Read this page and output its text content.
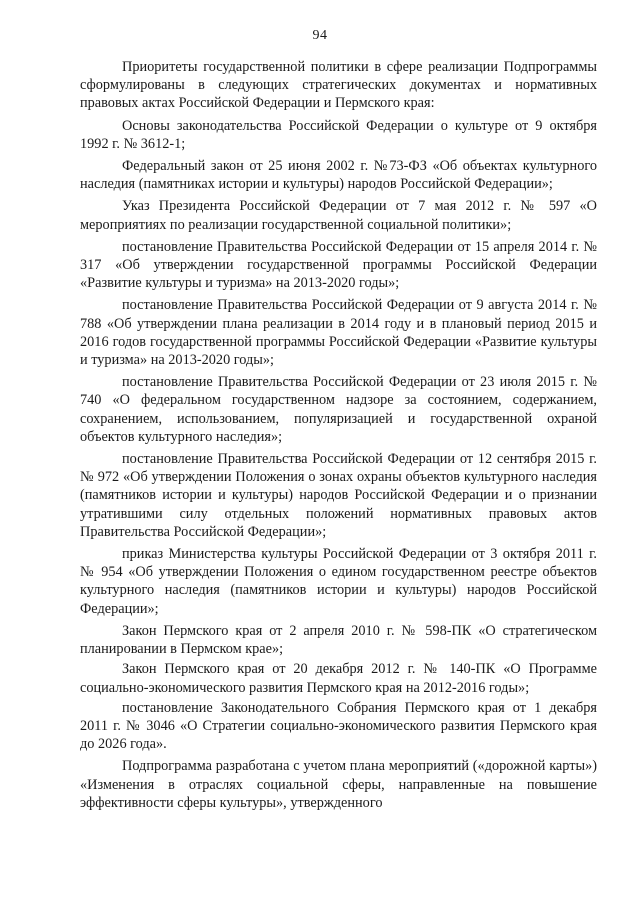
94

Приоритеты государственной политики в сфере реализации Подпрограммы сформулированы в следующих стратегических документах и нормативных правовых актах Российской Федерации и Пермского края:

Основы законодательства Российской Федерации о культуре от 9 октября 1992 г. № 3612-1;

Федеральный закон от 25 июня 2002 г. №73-ФЗ «Об объектах культурного наследия (памятниках истории и культуры) народов Российской Федерации»;

Указ Президента Российской Федерации от 7 мая 2012 г. № 597 «О мероприятиях по реализации государственной социальной политики»;

постановление Правительства Российской Федерации от 15 апреля 2014 г. № 317 «Об утверждении государственной программы Российской Федерации «Развитие культуры и туризма» на 2013-2020 годы»;

постановление Правительства Российской Федерации от 9 августа 2014 г. № 788 «Об утверждении плана реализации в 2014 году и в плановый период 2015 и 2016 годов государственной программы Российской Федерации «Развитие культуры и туризма» на 2013-2020 годы»;

постановление Правительства Российской Федерации от 23 июля 2015 г. № 740 «О федеральном государственном надзоре за состоянием, содержанием, сохранением, использованием, популяризацией и государственной охраной объектов культурного наследия»;

постановление Правительства Российской Федерации от 12 сентября 2015 г. № 972 «Об утверждении Положения о зонах охраны объектов культурного наследия (памятников истории и культуры) народов Российской Федерации и о признании утратившими силу отдельных положений нормативных правовых актов Правительства Российской Федерации»;

приказ Министерства культуры Российской Федерации от 3 октября 2011 г. № 954 «Об утверждении Положения о едином государственном реестре объектов культурного наследия (памятников истории и культуры) народов Российской Федерации»;

Закон Пермского края от 2 апреля 2010 г. № 598-ПК «О стратегическом планировании в Пермском крае»;

Закон Пермского края от 20 декабря 2012 г. № 140-ПК «О Программе социально-экономического развития Пермского края на 2012-2016 годы»;

постановление Законодательного Собрания Пермского края от 1 декабря 2011 г. № 3046 «О Стратегии социально-экономического развития Пермского края до 2026 года».

Подпрограмма разработана с учетом плана мероприятий («дорожной карты») «Изменения в отраслях социальной сферы, направленные на повышение эффективности сферы культуры», утвержденного
